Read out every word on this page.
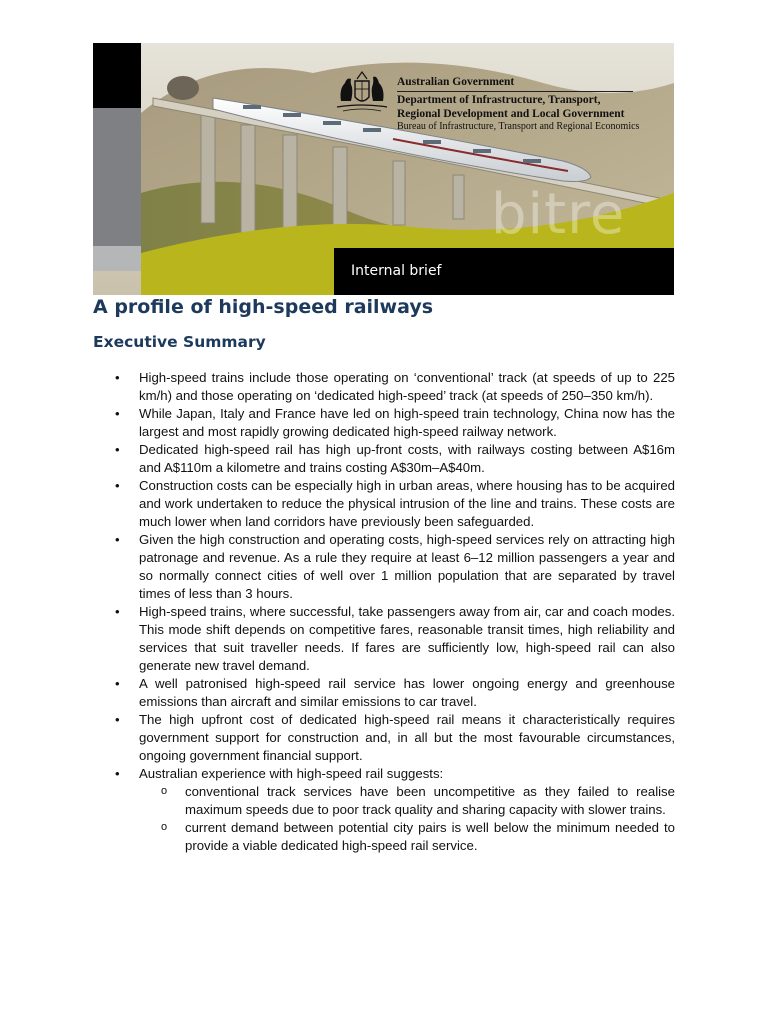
Australian Government
Department of Infrastructure, Transport,
Regional Development and Local Government
Bureau of Infrastructure, Transport and Regional Economics
bitre
Internal brief
A profile of high-speed railways
Executive Summary
• High-speed trains include those operating on ‘conventional’ track (at speeds of up to 225 km/h) and those operating on ‘dedicated high-speed’ track (at speeds of 250–350 km/h).
• While Japan, Italy and France have led on high-speed train technology, China now has the largest and most rapidly growing dedicated high-speed railway network.
• Dedicated high-speed rail has high up-front costs, with railways costing between A$16m and A$110m a kilometre and trains costing A$30m–A$40m.
• Construction costs can be especially high in urban areas, where housing has to be acquired and work undertaken to reduce the physical intrusion of the line and trains. These costs are much lower when land corridors have previously been safeguarded.
• Given the high construction and operating costs, high-speed services rely on attracting high patronage and revenue. As a rule they require at least 6–12 million passengers a year and so normally connect cities of well over 1 million population that are separated by travel times of less than 3 hours.
• High-speed trains, where successful, take passengers away from air, car and coach modes. This mode shift depends on competitive fares, reasonable transit times, high reliability and services that suit traveller needs. If fares are sufficiently low, high-speed rail can also generate new travel demand.
• A well patronised high-speed rail service has lower ongoing energy and greenhouse emissions than aircraft and similar emissions to car travel.
• The high upfront cost of dedicated high-speed rail means it characteristically requires government support for construction and, in all but the most favourable circumstances, ongoing government financial support.
• Australian experience with high-speed rail suggests:
o conventional track services have been uncompetitive as they failed to realise maximum speeds due to poor track quality and sharing capacity with slower trains.
o current demand between potential city pairs is well below the minimum needed to provide a viable dedicated high-speed rail service.
